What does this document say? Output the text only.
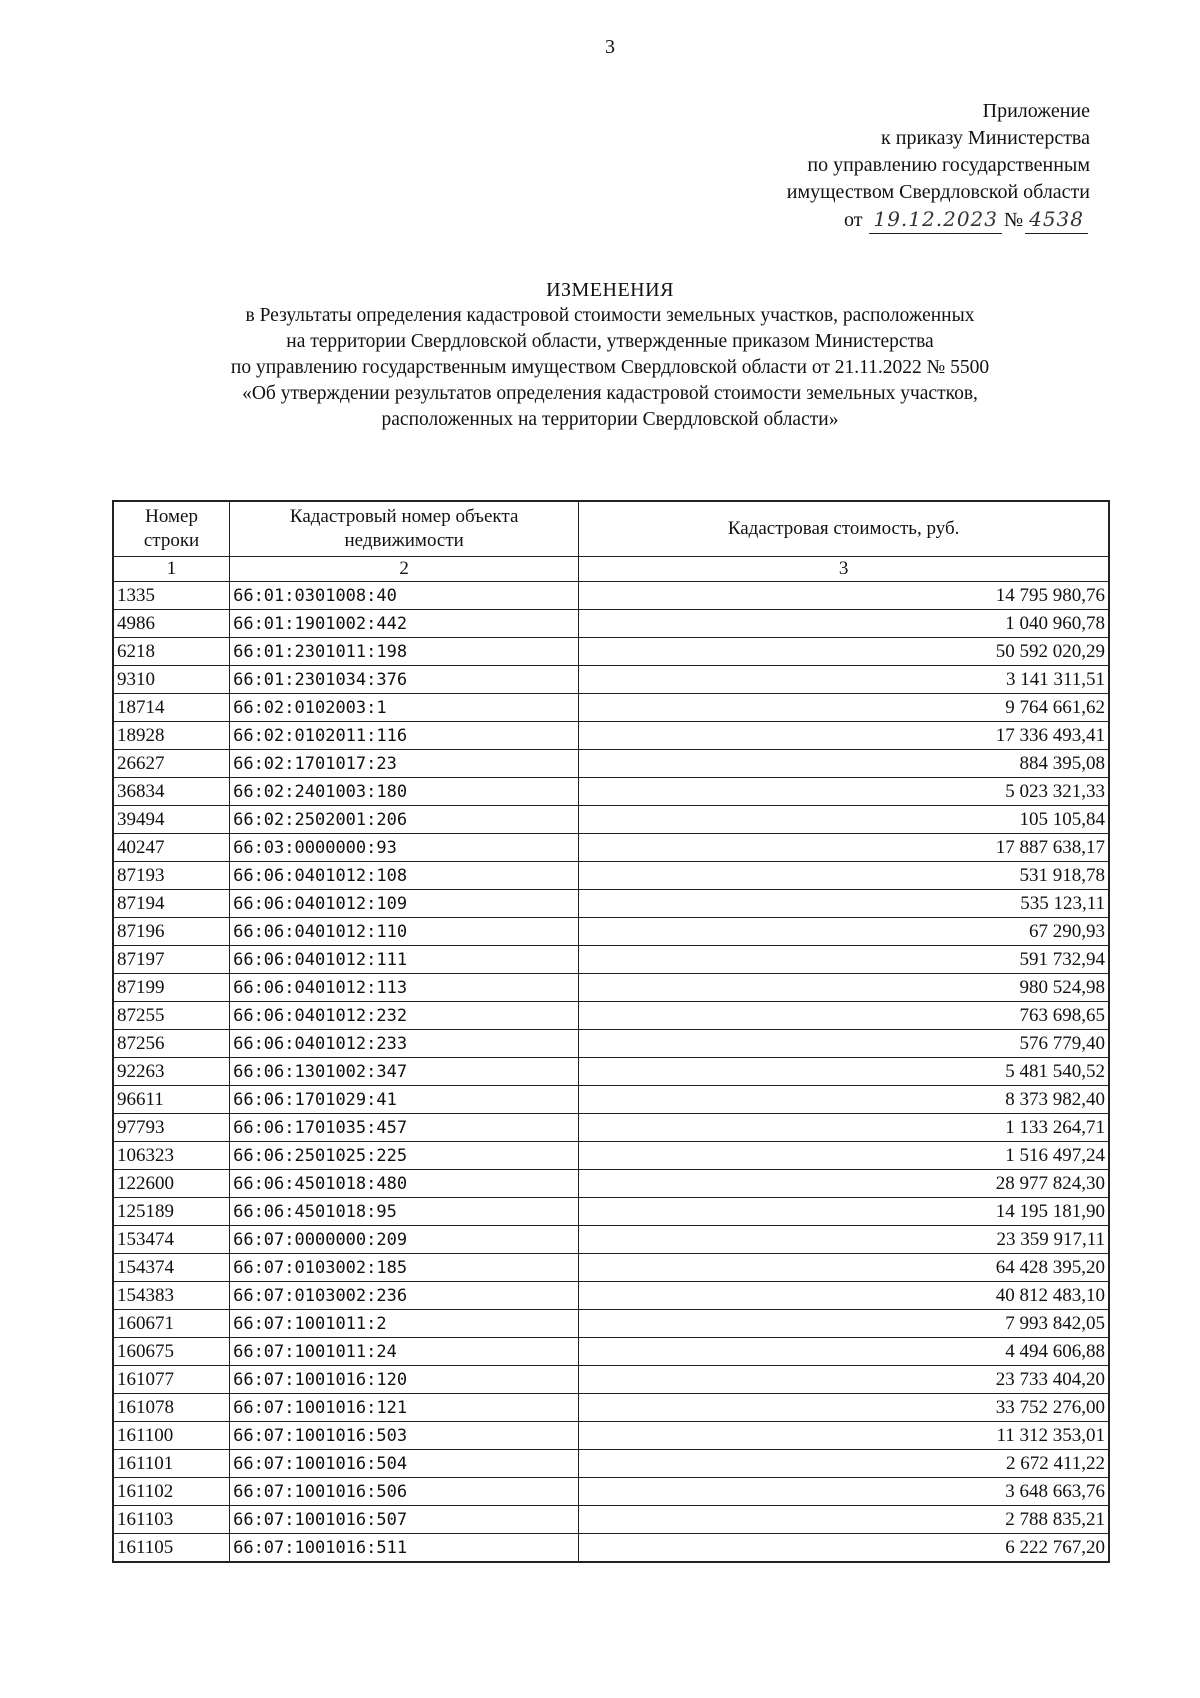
3
Приложение
к приказу Министерства
по управлению государственным
имуществом Свердловской области
от
19.12.2023 № 4538
ИЗМЕНЕНИЯ
в Результаты определения кадастровой стоимости земельных участков, расположенных
на территории Свердловской области, утвержденные приказом Министерства
по управлению государственным имуществом Свердловской области от 21.11.2022 № 5500
«Об утверждении результатов определения кадастровой стоимости земельных участков,
расположенных на территории Свердловской области»
Номер строки	Кадастровый номер объекта недвижимости	Кадастровая стоимость, руб.
1	2	3
1335	66:01:0301008:40	14 795 980,76
4986	66:01:1901002:442	1 040 960,78
6218	66:01:2301011:198	50 592 020,29
9310	66:01:2301034:376	3 141 311,51
18714	66:02:0102003:1	9 764 661,62
18928	66:02:0102011:116	17 336 493,41
26627	66:02:1701017:23	884 395,08
36834	66:02:2401003:180	5 023 321,33
39494	66:02:2502001:206	105 105,84
40247	66:03:0000000:93	17 887 638,17
87193	66:06:0401012:108	531 918,78
87194	66:06:0401012:109	535 123,11
87196	66:06:0401012:110	67 290,93
87197	66:06:0401012:111	591 732,94
87199	66:06:0401012:113	980 524,98
87255	66:06:0401012:232	763 698,65
87256	66:06:0401012:233	576 779,40
92263	66:06:1301002:347	5 481 540,52
96611	66:06:1701029:41	8 373 982,40
97793	66:06:1701035:457	1 133 264,71
106323	66:06:2501025:225	1 516 497,24
122600	66:06:4501018:480	28 977 824,30
125189	66:06:4501018:95	14 195 181,90
153474	66:07:0000000:209	23 359 917,11
154374	66:07:0103002:185	64 428 395,20
154383	66:07:0103002:236	40 812 483,10
160671	66:07:1001011:2	7 993 842,05
160675	66:07:1001011:24	4 494 606,88
161077	66:07:1001016:120	23 733 404,20
161078	66:07:1001016:121	33 752 276,00
161100	66:07:1001016:503	11 312 353,01
161101	66:07:1001016:504	2 672 411,22
161102	66:07:1001016:506	3 648 663,76
161103	66:07:1001016:507	2 788 835,21
161105	66:07:1001016:511	6 222 767,20
